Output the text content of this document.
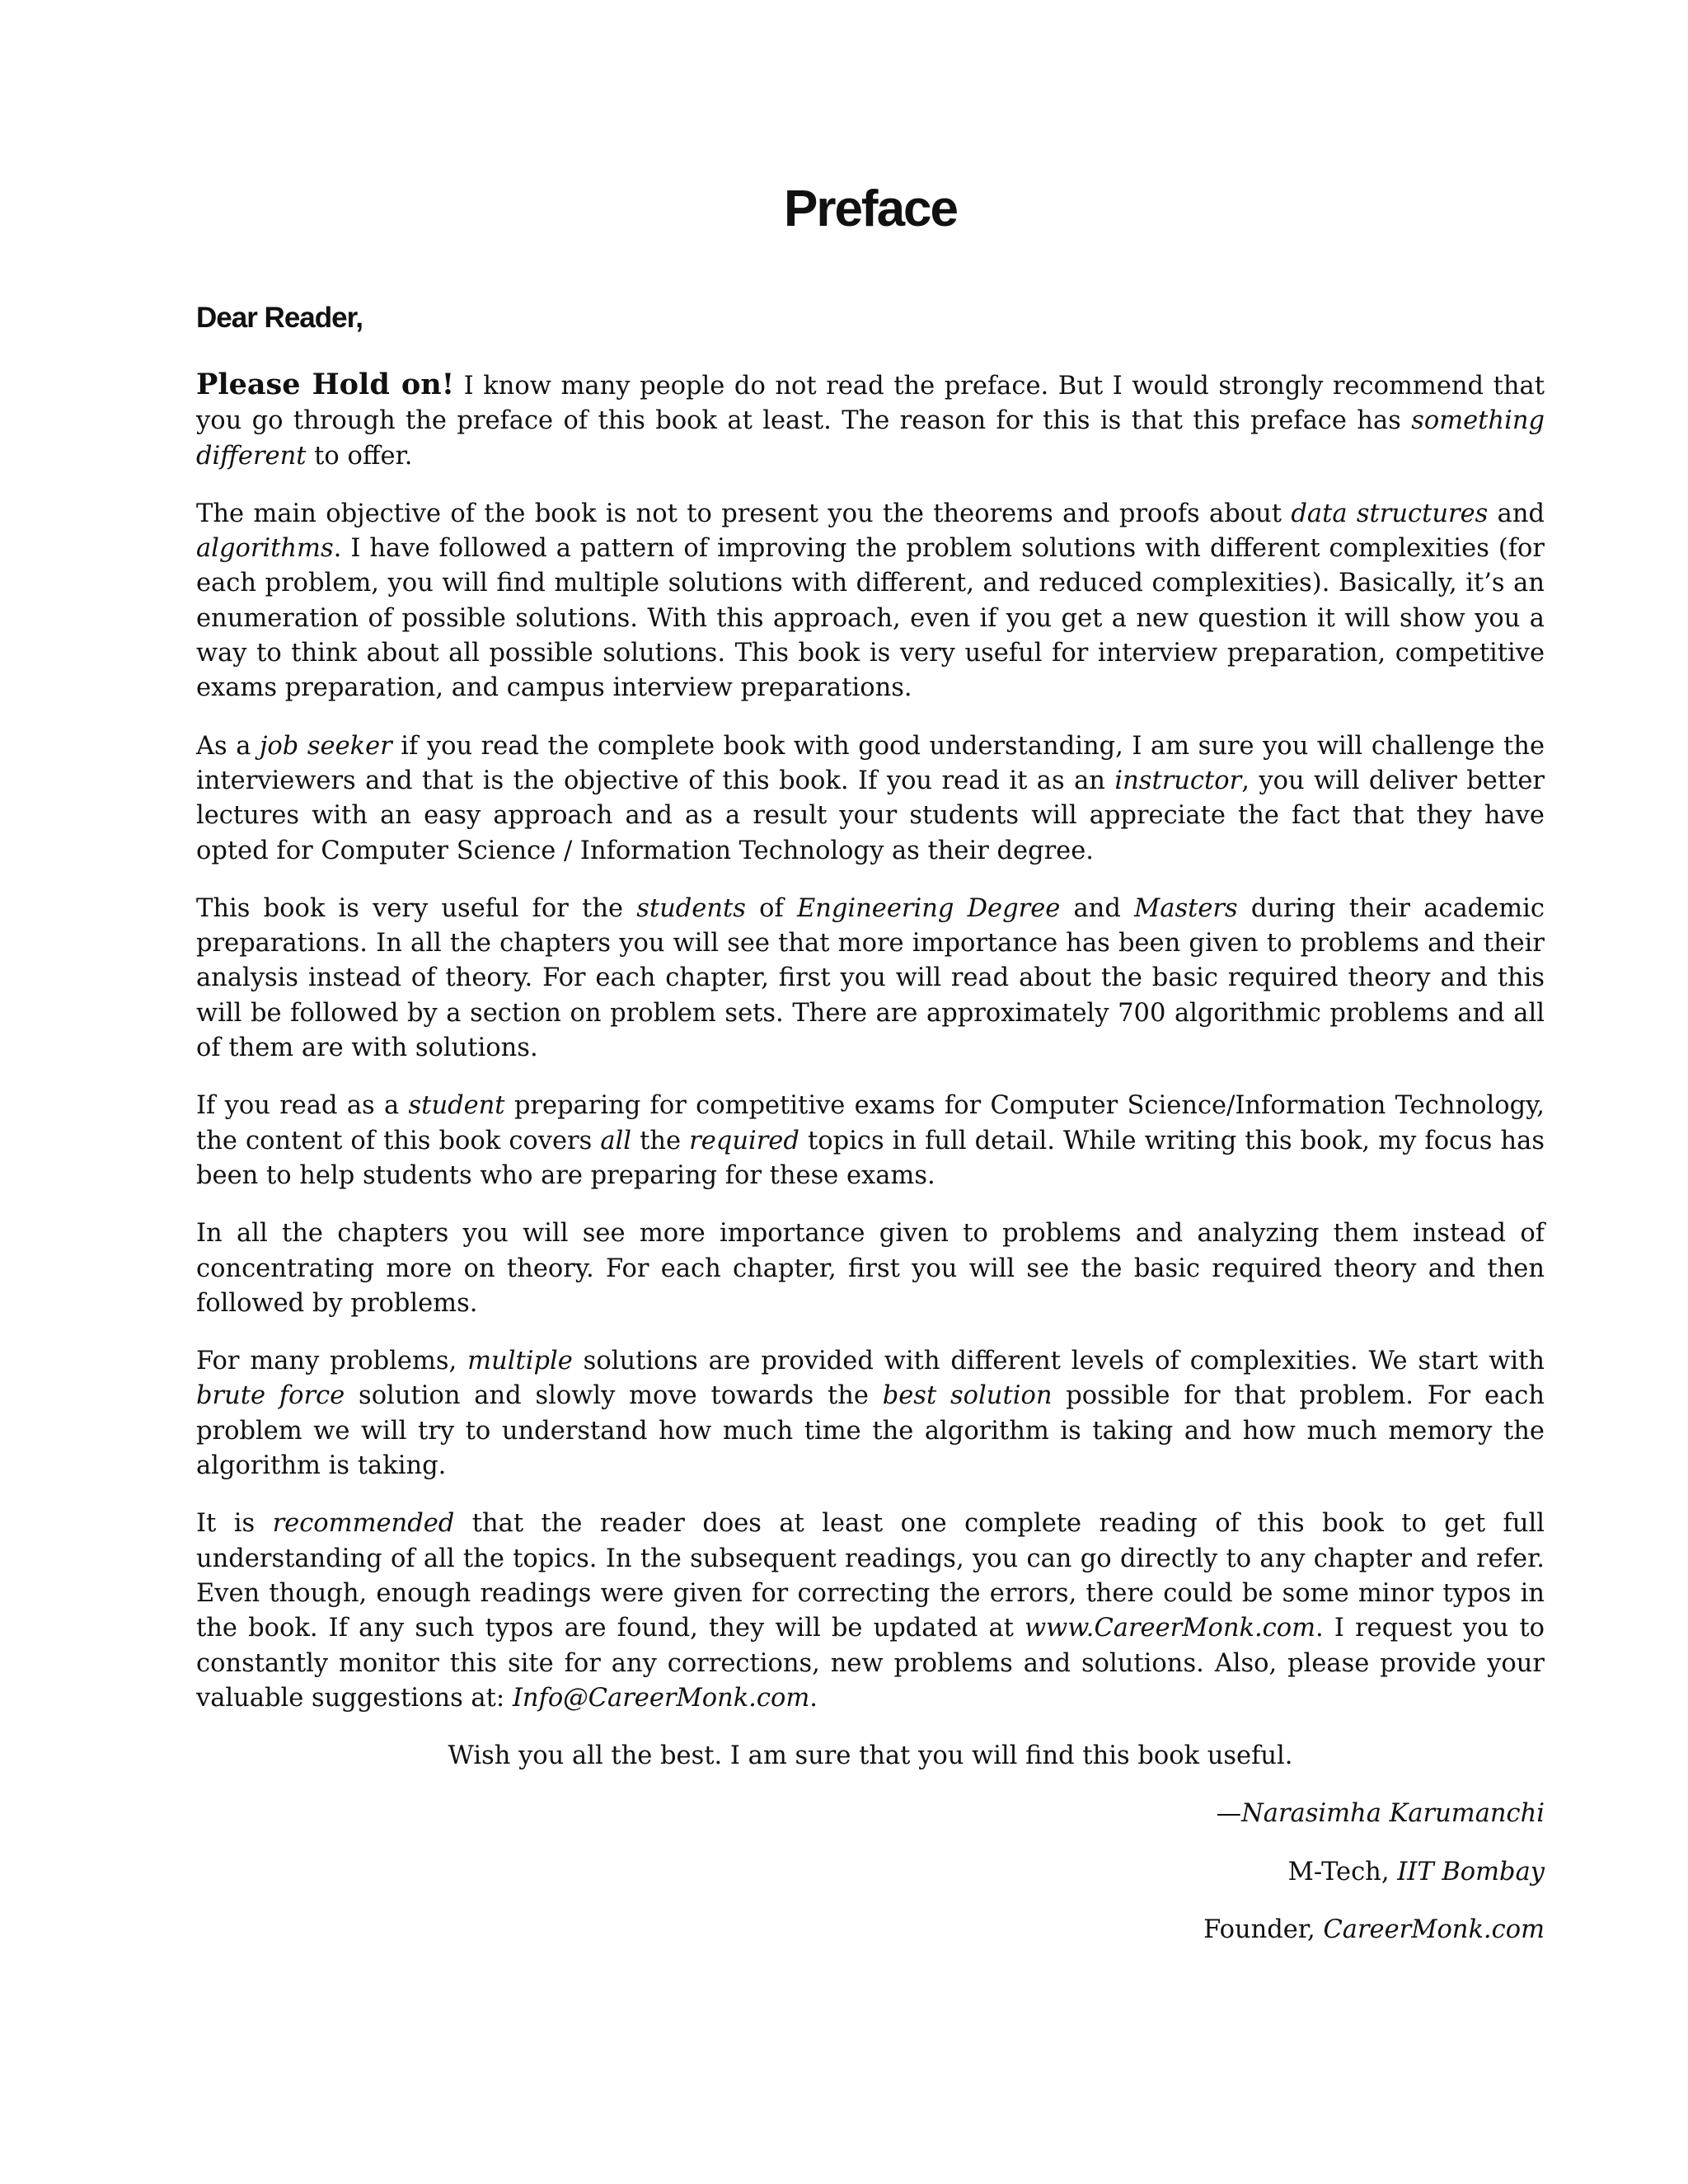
Preface
Dear Reader,

Please Hold on! I know many people do not read the preface. But I would strongly recommend that you go through the preface of this book at least. The reason for this is that this preface has something different to offer.

The main objective of the book is not to present you the theorems and proofs about data structures and algorithms. I have followed a pattern of improving the problem solutions with different complexities (for each problem, you will find multiple solutions with different, and reduced complexities). Basically, it’s an enumeration of possible solutions. With this approach, even if you get a new question it will show you a way to think about all possible solutions. This book is very useful for interview preparation, competitive exams preparation, and campus interview preparations.

As a job seeker if you read the complete book with good understanding, I am sure you will challenge the interviewers and that is the objective of this book. If you read it as an instructor, you will deliver better lectures with an easy approach and as a result your students will appreciate the fact that they have opted for Computer Science / Information Technology as their degree.

This book is very useful for the students of Engineering Degree and Masters during their academic preparations. In all the chapters you will see that more importance has been given to problems and their analysis instead of theory. For each chapter, first you will read about the basic required theory and this will be followed by a section on problem sets. There are approximately 700 algorithmic problems and all of them are with solutions.

If you read as a student preparing for competitive exams for Computer Science/Information Technology, the content of this book covers all the required topics in full detail. While writing this book, my focus has been to help students who are preparing for these exams.

In all the chapters you will see more importance given to problems and analyzing them instead of concentrating more on theory. For each chapter, first you will see the basic required theory and then followed by problems.

For many problems, multiple solutions are provided with different levels of complexities. We start with brute force solution and slowly move towards the best solution possible for that problem. For each problem we will try to understand how much time the algorithm is taking and how much memory the algorithm is taking.

It is recommended that the reader does at least one complete reading of this book to get full understanding of all the topics. In the subsequent readings, you can go directly to any chapter and refer. Even though, enough readings were given for correcting the errors, there could be some minor typos in the book. If any such typos are found, they will be updated at www.CareerMonk.com. I request you to constantly monitor this site for any corrections, new problems and solutions. Also, please provide your valuable suggestions at: Info@CareerMonk.com.

Wish you all the best. I am sure that you will find this book useful.

—Narasimha Karumanchi

M-Tech, IIT Bombay

Founder, CareerMonk.com
